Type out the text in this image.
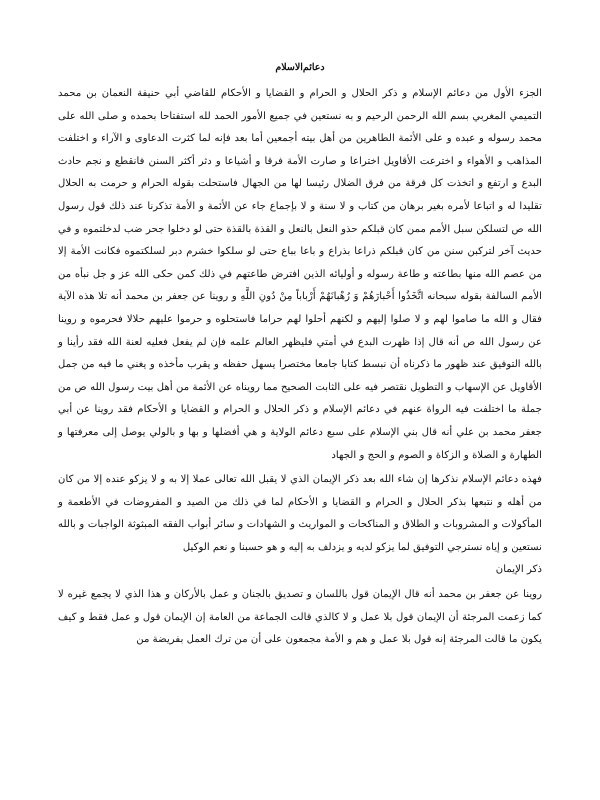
دعائم‌الاسلام

الجزء الأول من دعائم الإسلام و ذكر الحلال و الحرام و القضايا و الأحكام للقاضي أبي حنيفة النعمان بن محمد التميمي المغربي بسم الله الرحمن الرحيم و به نستعين في جميع الأمور الحمد لله استفتاحا بحمده و صلى الله على محمد رسوله و عبده و على الأئمة الطاهرين من أهل بيته أجمعين أما بعد فإنه لما كثرت الدعاوى و الآراء و اختلفت المذاهب و الأهواء و اخترعت الأقاويل اختراعا و صارت الأمة فرقا و أشياعا و دثر أكثر السنن فانقطع و نجم حادث البدع و ارتفع و اتخذت كل فرقة من فرق الضلال رئيسا لها من الجهال فاستحلت بقوله الحرام و حرمت به الحلال تقليدا له و اتباعا لأمره بغير برهان من كتاب و لا سنة و لا بإجماع جاء عن الأئمة و الأمة تذكرنا عند ذلك قول رسول الله ص لتسلكن سبل الأمم ممن كان قبلكم حذو النعل بالنعل و القذة بالقذة حتى لو دخلوا جحر ضب لدخلتموه و في حديث آخر لتركبن سنن من كان قبلكم ذراعا بذراع و باعا بباع حتى لو سلكوا خشرم دبر لسلكتموه فكانت الأمة إلا من عصم الله منها بطاعته و طاعة رسوله و أوليائه الذين افترض طاعتهم في ذلك كمن حكى الله عز و جل نبأه من الأمم السالفة بقوله سبحانه اتَّخَذُوا أَحْبارَهُمْ وَ رُهْبانَهُمْ أَرْباباً مِنْ دُونِ اللَّهِ و روينا عن جعفر بن محمد أنه تلا هذه الآية فقال و الله ما صاموا لهم و لا صلوا إليهم و لكنهم أحلوا لهم حراما فاستحلوه و حرموا عليهم حلالا فحرموه و روينا عن رسول الله ص أنه قال إذا ظهرت البدع في أمتي فليظهر العالم علمه فإن لم يفعل فعليه لعنة الله فقد رأينا و بالله التوفيق عند ظهور ما ذكرناه أن نبسط كتابا جامعا مختصرا يسهل حفظه و يقرب مأخذه و يغني ما فيه من جمل الأقاويل عن الإسهاب و التطويل نقتصر فيه على الثابت الصحيح مما رويناه عن الأئمة من أهل بيت رسول الله ص من جملة ما اختلفت فيه الرواة عنهم في دعائم الإسلام و ذكر الحلال و الحرام و القضايا و الأحكام فقد روينا عن أبي جعفر محمد بن علي أنه قال بني الإسلام على سبع دعائم الولاية و هي أفضلها و بها و بالولي يوصل إلى معرفتها و الطهارة و الصلاة و الزكاة و الصوم و الحج و الجهاد

فهذه دعائم الإسلام نذكرها إن شاء الله بعد ذكر الإيمان الذي لا يقبل الله تعالى عملا إلا به و لا يزكو عنده إلا من كان من أهله و نتبعها بذكر الحلال و الحرام و القضايا و الأحكام لما في ذلك من الصيد و المفروضات في الأطعمة و المأكولات و المشروبات و الطلاق و المناكحات و المواريث و الشهادات و سائر أبواب الفقه المبثوثة الواجبات و بالله نستعين و إياه نسترجي التوفيق لما يزكو لديه و يزدلف به إليه و هو حسبنا و نعم الوكيل

ذكر الإيمان

روينا عن جعفر بن محمد أنه قال الإيمان قول باللسان و تصديق بالجنان و عمل بالأركان و هذا الذي لا يجمع غيره لا كما زعمت المرجئة أن الإيمان قول بلا عمل و لا كالذي قالت الجماعة من العامة إن الإيمان قول و عمل فقط و كيف يكون ما قالت المرجئة إنه قول بلا عمل و هم و الأمة مجمعون على أن من ترك العمل بفريضة من
